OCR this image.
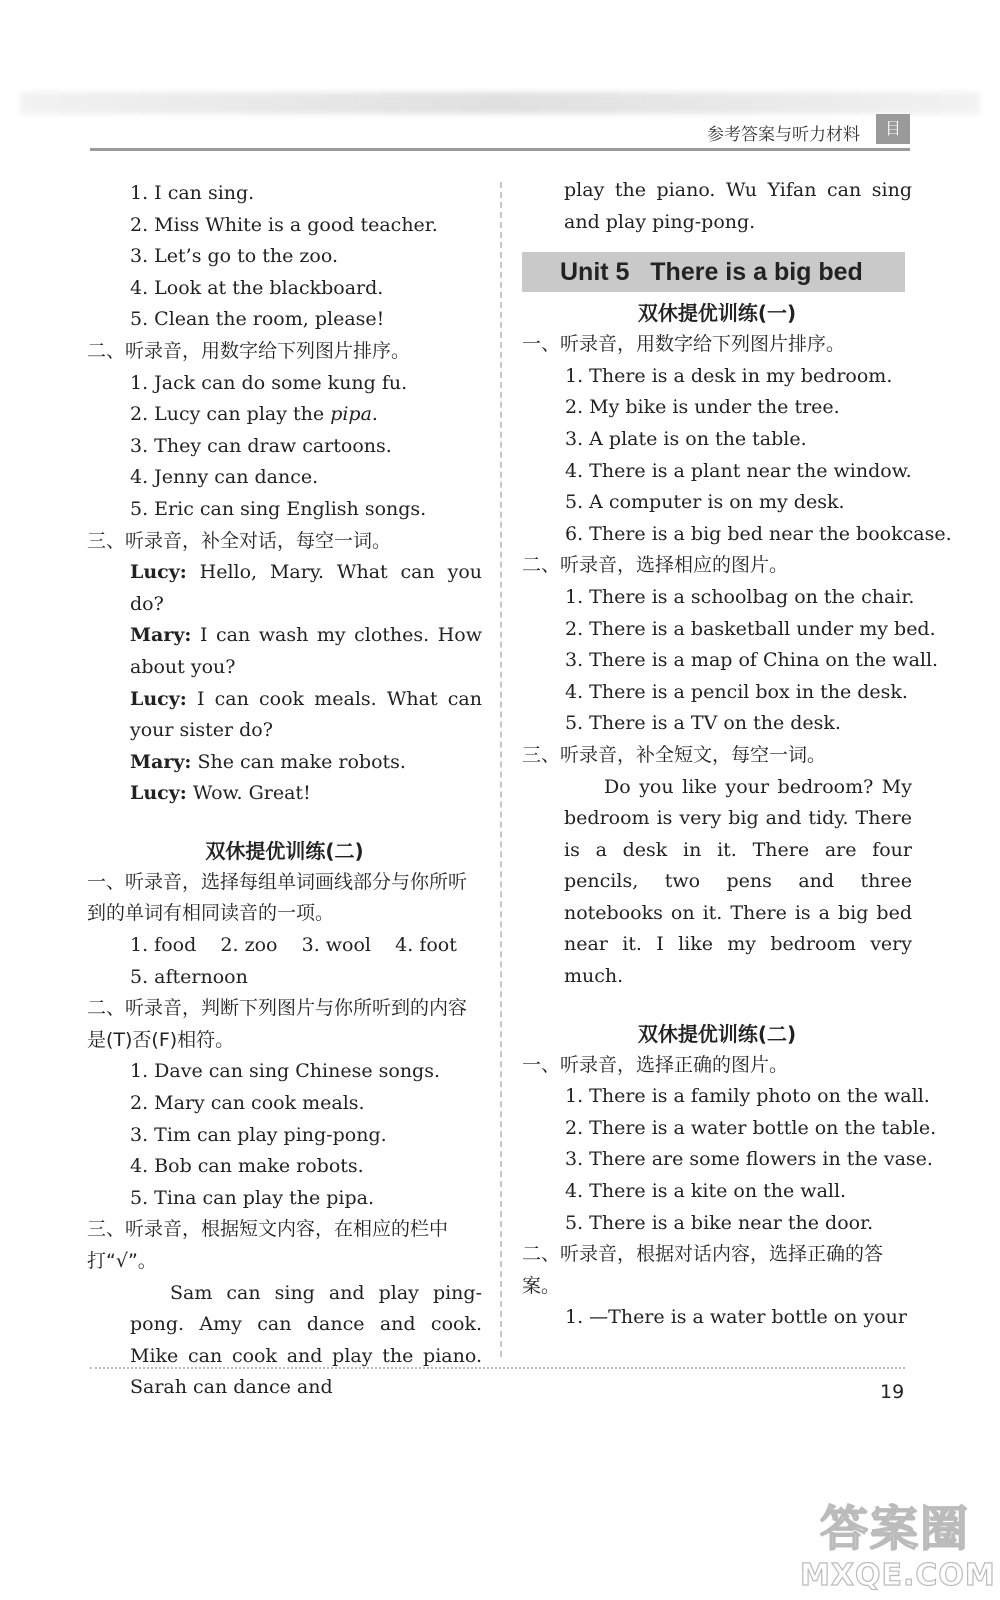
参考答案与听力材料	目
1. I can sing.
2. Miss White is a good teacher.
3. Let’s go to the zoo.
4. Look at the blackboard.
5. Clean the room, please!
二、听录音，用数字给下列图片排序。
1. Jack can do some kung fu.
2. Lucy can play the pipa.
3. They can draw cartoons.
4. Jenny can dance.
5. Eric can sing English songs.
三、听录音，补全对话，每空一词。
Lucy: Hello, Mary. What can you do?
Mary: I can wash my clothes. How about you?
Lucy: I can cook meals. What can your sister do?
Mary: She can make robots.
Lucy: Wow. Great!
双休提优训练(二)
一、听录音，选择每组单词画线部分与你所听到的单词有相同读音的一项。
1. food    2. zoo    3. wool    4. foot
5. afternoon
二、听录音，判断下列图片与你所听到的内容是(T)否(F)相符。
1. Dave can sing Chinese songs.
2. Mary can cook meals.
3. Tim can play ping-pong.
4. Bob can make robots.
5. Tina can play the pipa.
三、听录音，根据短文内容，在相应的栏中打“√”。
Sam can sing and play ping-pong. Amy can dance and cook. Mike can cook and play the piano. Sarah can dance and
play the piano. Wu Yifan can sing and play ping-pong.
Unit 5   There is a big bed
双休提优训练(一)
一、听录音，用数字给下列图片排序。
1. There is a desk in my bedroom.
2. My bike is under the tree.
3. A plate is on the table.
4. There is a plant near the window.
5. A computer is on my desk.
6. There is a big bed near the bookcase.
二、听录音，选择相应的图片。
1. There is a schoolbag on the chair.
2. There is a basketball under my bed.
3. There is a map of China on the wall.
4. There is a pencil box in the desk.
5. There is a TV on the desk.
三、听录音，补全短文，每空一词。
Do you like your bedroom? My bedroom is very big and tidy. There is a desk in it. There are four pencils, two pens and three notebooks on it. There is a big bed near it. I like my bedroom very much.
双休提优训练(二)
一、听录音，选择正确的图片。
1. There is a family photo on the wall.
2. There is a water bottle on the table.
3. There are some flowers in the vase.
4. There is a kite on the wall.
5. There is a bike near the door.
二、听录音，根据对话内容，选择正确的答案。
1. —There is a water bottle on your
19
答案圈
MXQE.COM
